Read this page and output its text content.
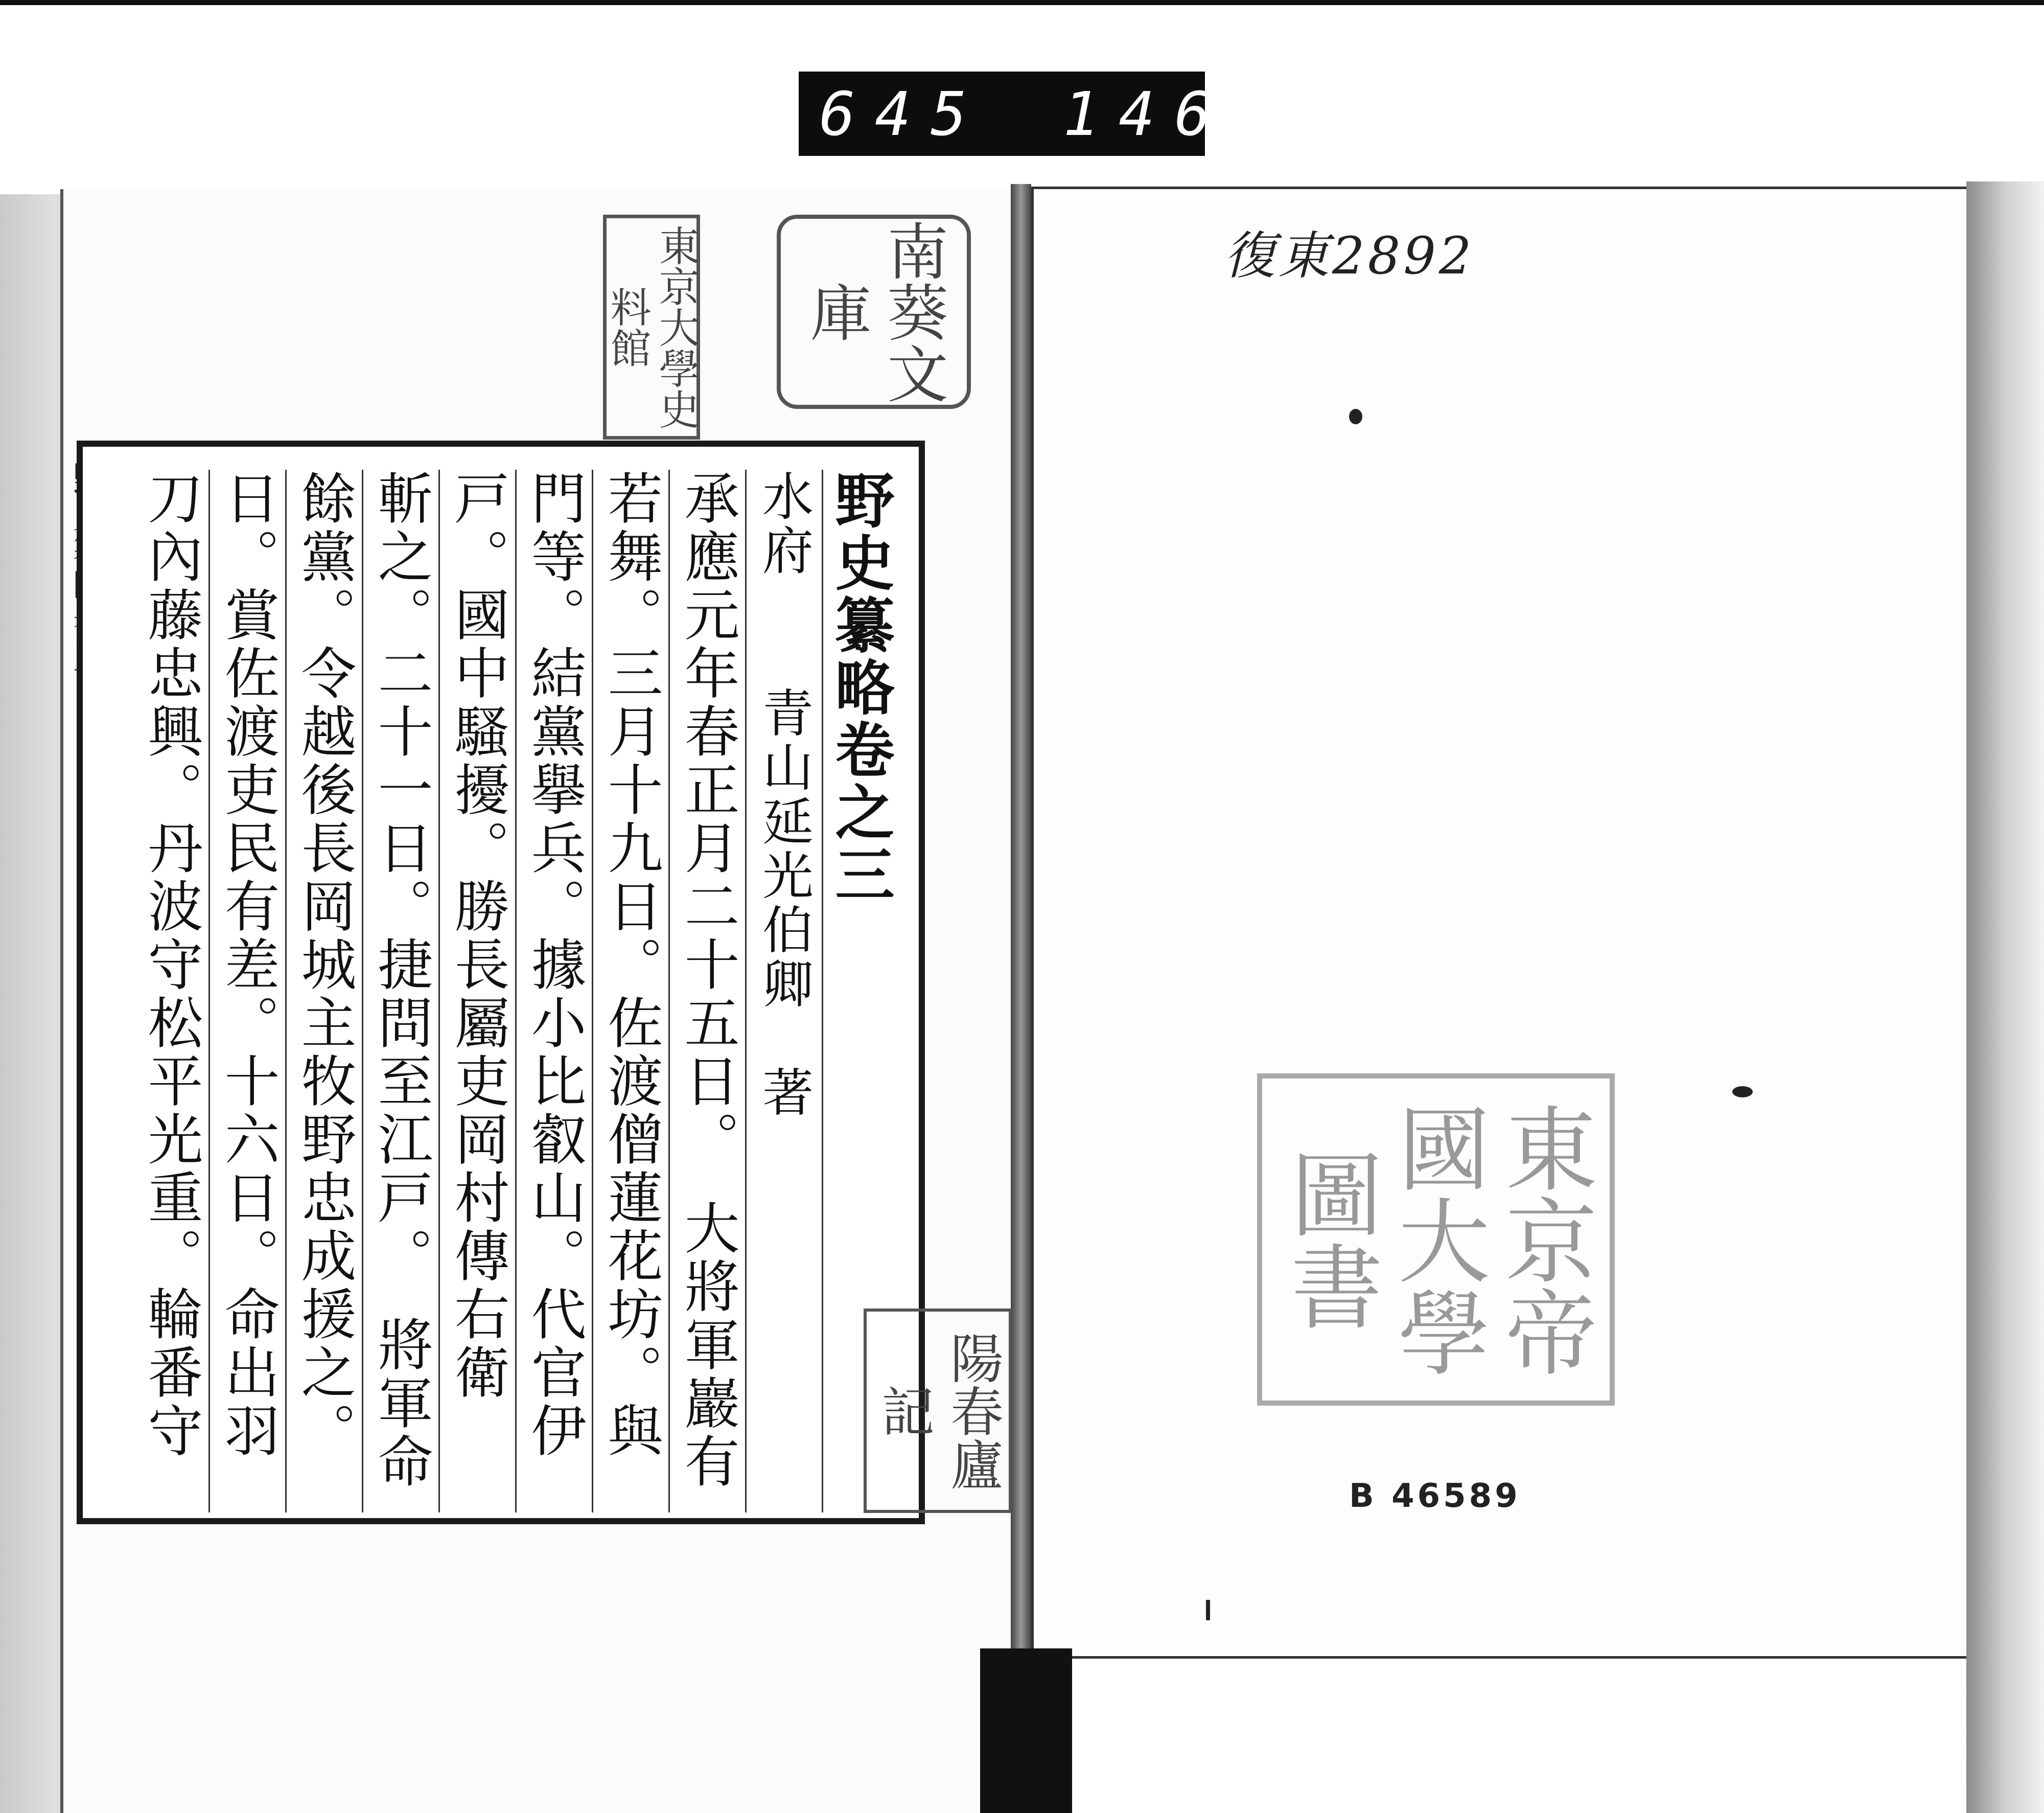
645 146.
野史纂略卷之三
水府　　青山延光伯卿　著
承應元年春正月二十五日。　大將軍巖有
若舞。三月十九日。佐渡僧蓮花坊。與
門等。結黨擧兵。據小比叡山。代官伊
戸。國中騷擾。勝長屬吏岡村傳右衛
斬之。二十一日。捷問至江戸。　將軍命
餘黨。令越後長岡城主牧野忠成援之。
日。賞佐渡吏民有差。十六日。命出羽
刀內藤忠興。丹波守松平光重。輪番守
東京大學史料館	南葵文庫
陽春廬記
東京帝國大學圖書
復東2892
B 46589
